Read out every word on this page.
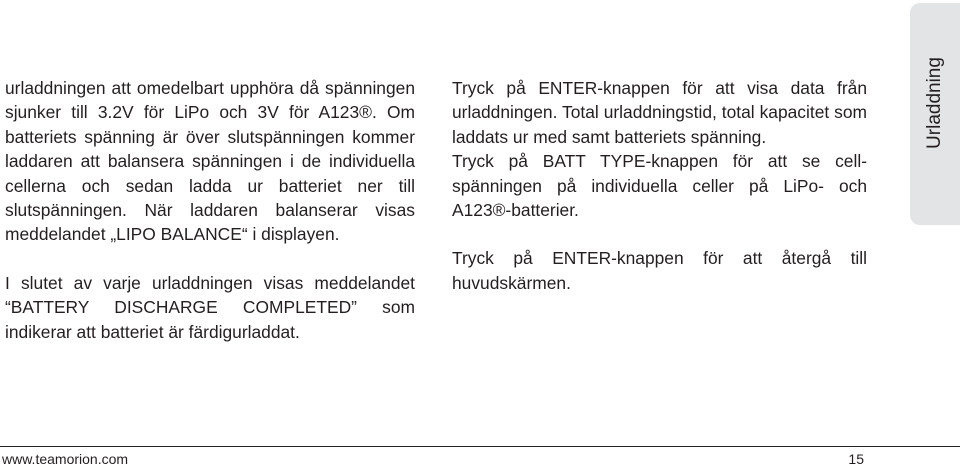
urladdningen att omedelbart upphöra då spänningen sjunker till 3.2V för LiPo och 3V för A123®. Om batteriets spänning är över slutspänningen kommer laddaren att balansera spänningen i de individuella cellerna och sedan ladda ur batteriet ner till slutspänningen. När laddaren balanserar visas meddelandet „LIPO BALANCE“ i displayen.

I slutet av varje urladdningen visas meddelandet “BATTERY DISCHARGE COMPLETED” som indikerar att batteriet är färdigurladdat.

Tryck på ENTER-knappen för att visa data från urladdningen. Total urladdningstid, total kapacitet som laddats ur med samt batteriets spänning.

Tryck på BATT TYPE-knappen för att se cell-spänningen på individuella celler på LiPo- och A123®-batterier.

Tryck på ENTER-knappen för att återgå till huvudskärmen.

Urladdning
www.teamorion.com	15
